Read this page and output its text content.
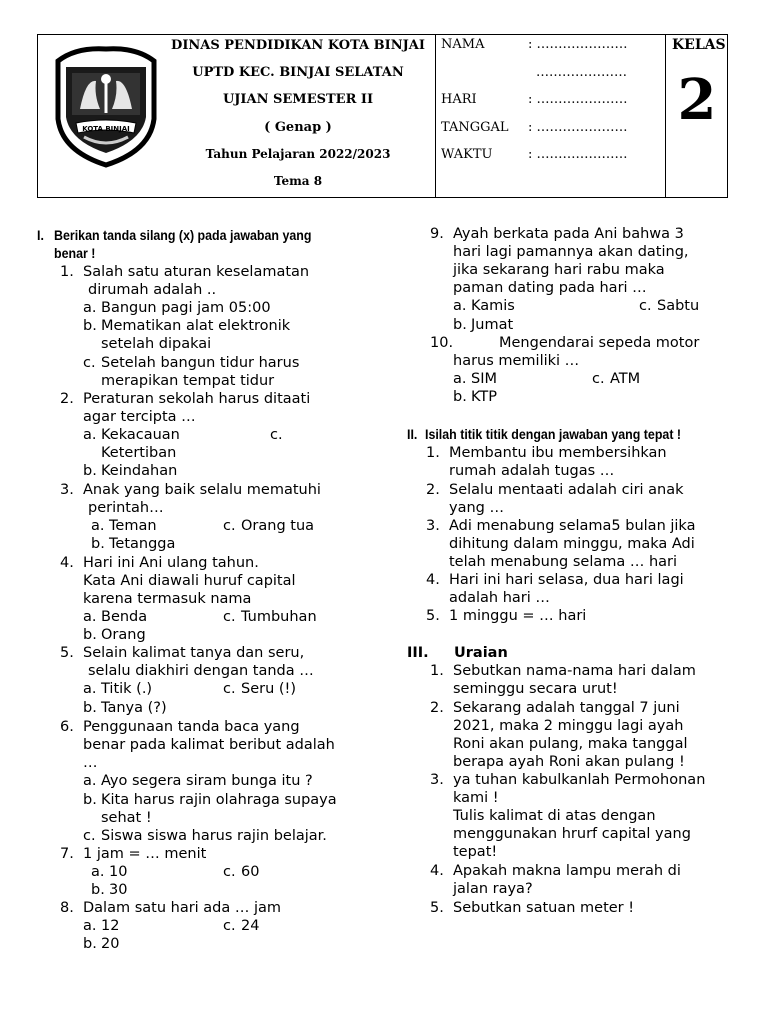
KOTA BINJAI
DINAS PENDIDIKAN KOTA BINJAI
UPTD KEC. BINJAI SELATAN
UJIAN SEMESTER II
( Genap )
Tahun Pelajaran 2022/2023
Tema 8
NAMA	: …………………
…………………
HARI	: …………………
TANGGAL : …………………
WAKTU	: …………………
KELAS
2
I. Berikan tanda silang (x) pada jawaban yang
benar !
1. Salah satu aturan keselamatan
dirumah adalah ..
a. Bangun pagi jam 05:00
b. Mematikan alat elektronik
setelah dipakai
c. Setelah bangun tidur harus
merapikan tempat tidur
2. Peraturan sekolah harus ditaati
agar tercipta …
a. Kekacauan	c.
Ketertiban
b. Keindahan
3. Anak yang baik selalu mematuhi
perintah…
a. Teman	c. Orang tua
b. Tetangga
4. Hari ini Ani ulang tahun.
Kata Ani diawali huruf capital
karena termasuk nama
a. Benda	c. Tumbuhan
b. Orang
5. Selain kalimat tanya dan seru,
selalu diakhiri dengan tanda …
a. Titik (.)	c. Seru (!)
b. Tanya (?)
6. Penggunaan tanda baca yang
benar pada kalimat beribut adalah
…
a. Ayo segera siram bunga itu ?
b. Kita harus rajin olahraga supaya
sehat !
c. Siswa siswa harus rajin belajar.
7. 1 jam = … menit
a. 10	c. 60
b. 30
8. Dalam satu hari ada … jam
a. 12	c. 24
b. 20
9. Ayah berkata pada Ani bahwa 3
hari lagi pamannya akan dating,
jika sekarang hari rabu maka
paman dating pada hari …
a. Kamis	c. Sabtu
b. Jumat
10.	Mengendarai sepeda motor
harus memiliki …
a. SIM	c. ATM
b. KTP
II. Isilah titik titik dengan jawaban yang tepat !
1. Membantu ibu membersihkan
rumah adalah tugas …
2. Selalu mentaati adalah ciri anak
yang …
3. Adi menabung selama5 bulan jika
dihitung dalam minggu, maka Adi
telah menabung selama … hari
4. Hari ini hari selasa, dua hari lagi
adalah hari …
5. 1 minggu = … hari
III. Uraian
1. Sebutkan nama-nama hari dalam
seminggu secara urut!
2. Sekarang adalah tanggal 7 juni
2021, maka 2 minggu lagi ayah
Roni akan pulang, maka tanggal
berapa ayah Roni akan pulang !
3. ya tuhan kabulkanlah Permohonan
kami !
Tulis kalimat di atas dengan
menggunakan hrurf capital yang
tepat!
4. Apakah makna lampu merah di
jalan raya?
5. Sebutkan satuan meter !
